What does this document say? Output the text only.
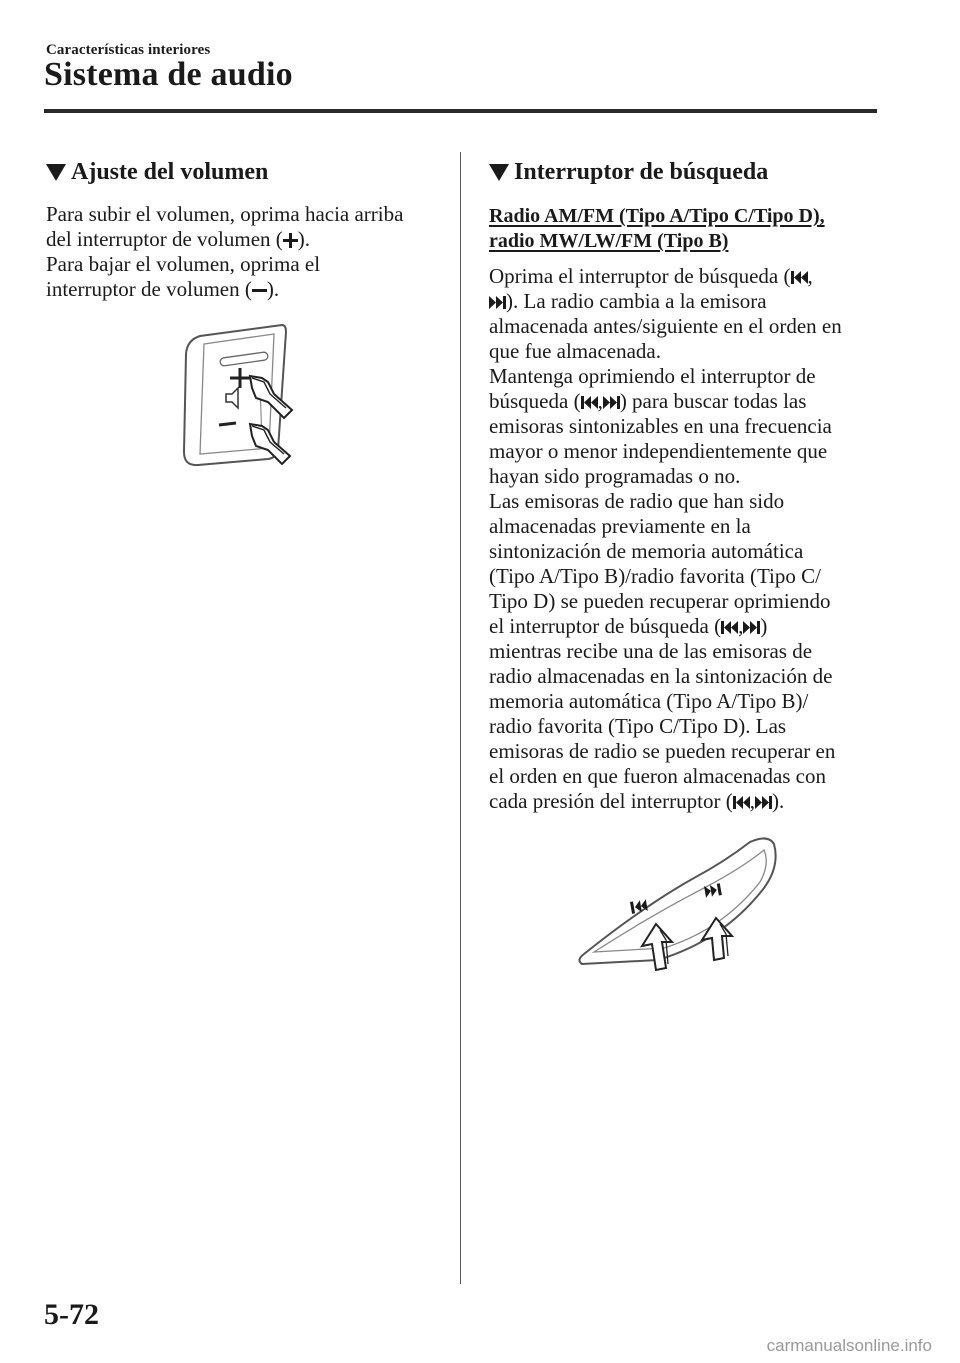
Características interiores
Sistema de audio
Ajuste del volumen
Para subir el volumen, oprima hacia arriba
del interruptor de volumen ( ).
Para bajar el volumen, oprima el
interruptor de volumen ( ).
Interruptor de búsqueda
Radio AM/FM (Tipo A/Tipo C/Tipo D),
radio MW/LW/FM (Tipo B)
Oprima el interruptor de búsqueda ( ,
). La radio cambia a la emisora
almacenada antes/siguiente en el orden en
que fue almacenada.
Mantenga oprimiendo el interruptor de
búsqueda ( , ) para buscar todas las
emisoras sintonizables en una frecuencia
mayor o menor independientemente que
hayan sido programadas o no.
Las emisoras de radio que han sido
almacenadas previamente en la
sintonización de memoria automática
(Tipo A/Tipo B)/radio favorita (Tipo C/
Tipo D) se pueden recuperar oprimiendo
el interruptor de búsqueda ( , )
mientras recibe una de las emisoras de
radio almacenadas en la sintonización de
memoria automática (Tipo A/Tipo B)/
radio favorita (Tipo C/Tipo D). Las
emisoras de radio se pueden recuperar en
el orden en que fueron almacenadas con
cada presión del interruptor ( , ).
5-72
carmanualsonline.info
